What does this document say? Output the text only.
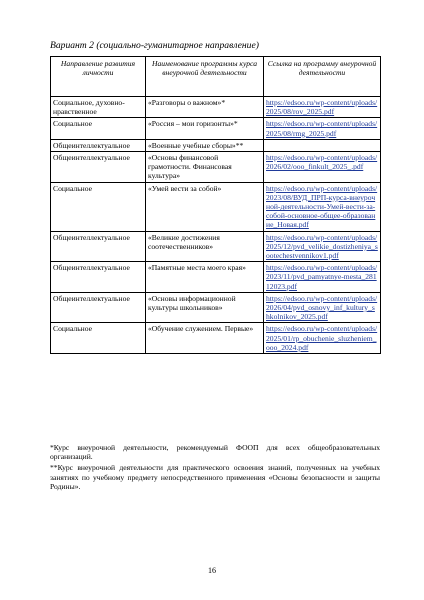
Вариант 2 (социально-гуманитарное направление)
Направление развития личности	Наименование программы курса внеурочной деятельности	Ссылка на программу внеурочной деятельности
Социальное, духовно-нравственное	«Разговоры о важном»*	https://edsoo.ru/wp-content/uploads/2025/08/rov_2025.pdf
Социальное	«Россия – мои горизонты»*	https://edsoo.ru/wp-content/uploads/2025/08/rmg_2025.pdf
Общеинтеллектуальное	«Военные учебные сборы»**	
Общеинтеллектуальное	«Основы финансовой грамотности. Финансовая культура»	https://edsoo.ru/wp-content/uploads/2026/02/ooo_finkult_2025_.pdf
Социальное	«Умей вести за собой»	https://edsoo.ru/wp-content/uploads/2023/08/ВУД_ПРП-курса-внеурочной-деятельности-Умей-вести-за-собой-основное-общее-образование_Новая.pdf
Общеинтеллектуальное	«Великие достижения соотечественников»	https://edsoo.ru/wp-content/uploads/2025/12/pvd_velikie_dostizheniya_sootechestvennikov1.pdf
Общеинтеллектуальное	«Памятные места моего края»	https://edsoo.ru/wp-content/uploads/2023/11/pvd_pamyatnye-mesta_28112023.pdf
Общеинтеллектуальное	«Основы информационной культуры школьников»	https://edsoo.ru/wp-content/uploads/2026/04/pvd_osnovy_inf_kultury_shkolnikov_2025.pdf
Социальное	«Обучение служением. Первые»	https://edsoo.ru/wp-content/uploads/2025/01/rp_obuchenie_sluzheniem_ooo_2024.pdf

*Курс внеурочной деятельности, рекомендуемый ФООП для всех общеобразовательных организаций.

**Курс внеурочной деятельности для практического освоения знаний, полученных на учебных занятиях по учебному предмету непосредственного применения «Основы безопасности и защиты Родины».

16
